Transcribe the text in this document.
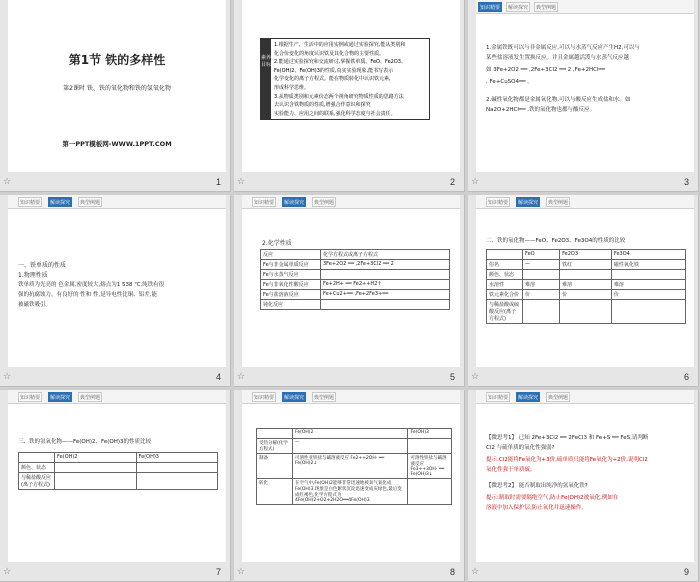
第1节 铁的多样性
第2课时 铁、铁的氧化物和铁的氢氧化物
第一PPT模板网-WWW.1PPT.COM
☆	1
素养目标
1.根据生产、生活中的应用实例或通过实验探究,能从类别和
化合价变化的角度认识铁及其化合物的主要性质。
2.能通过实验探究和交流研讨,掌握铁单质、FeO、Fe2O3、
Fe(OH)2、Fe(OH)3的性质,真实实验现象,能书写表示
化学变化的离子方程式。能在物质转化中认识铁元素,
形成科学思维。
3.从物质类别和元素价态两个视角研究物质性质的思路方法
去认识含铁物质的性质,增强合作意识和探究
实验能力、应用之间的联系,强化科学态度与社会责任。
☆	2
知识精要	解读探究	典型例题
1.金属铁既可以与非金属反应,可以与水蒸气反应产生H2,可以与
某些盐溶液发生置换反应。并且金属越活泼与水蒸气反应越
如 3Fe+2O2 ══ ,2Fe+3Cl2 ══ 2 ,Fe+2HCl══
, Fe+CuSO4══ 。
2.碱性氧化物都是金属氧化物,可以与酸反应生成盐和水。如
Na2O+2HCl══ ,铁的氧化物也都与酸反应。
☆	3
知识精要	解读探究	典型例题
一、铁单质的性质
1.物理性质
铁单质为光亮的 色金属,密度较大,熔点为1 538 ℃,纯铁有很
强的抗腐蚀力。有良好的 性和 性,是导电性比铜、铝差,能
被磁铁吸引。
☆	4
知识精要	解读探究	典型例题
2.化学性质
反应	化学方程式或离子方程式
Fe与非金属单质反应	3Fe+2O2 ══ ,2Fe+3Cl2 ══ 2
Fe与水蒸气反应	
Fe与非氧化性酸反应	Fe+2H+ ══ Fe2++H2↑
Fe与盐溶液反应	Fe+Cu2+══ ,Fe+2Fe3+══
钝化反应	
☆	5
知识精要	解读探究	典型例题
二、铁的氧化物——FeO、Fe2O3、Fe3O4的性质的比较
	FeO	Fe2O3	Fe3O4
俗名	—	铁红	磁性氧化铁
颜色、状态			
水溶性	难溶	难溶	难溶
铁元素化合价	价	价	价
与稀盐酸或硫酸反应(离子方程式)			
☆	6
知识精要	解读探究	典型例题
三、铁的氢氧化物——Fe(OH)2、Fe(OH)3的性质比较
	Fe(OH)2	Fe(OH)3
颜色、状态		
与稀盐酸反应(离子方程式)		
☆	7
知识精要	解读探究	典型例题
	Fe(OH)2	Fe(OH)3
受热分解(化学方程式)	—	
制备	可溶性亚铁盐与碱溶液反应 Fe2++2OH- ══ Fe(OH)2↓	可溶性铁盐与碱溶液反应 Fe3++3OH- ══ Fe(OH)3↓
转化	在空气中,Fe(OH)2能够非常迅速地被氧气氧化成 Fe(OH)3,现象是白色絮状沉淀迅速变成灰绿色,最后变成红褐色,化学方程式为 4Fe(OH)2+O2+2H2O══4Fe(OH)3	
☆	8
知识精要	解读探究	典型例题
【微思考1】 已知 2Fe+3Cl2 ══ 2FeCl3 和 Fe+S ══ FeS,请判断
Cl2 与硫单质的氧化性强弱?
提示:Cl2能将Fe氧化为+3价,硫单质只能将Fe氧化为+2价,说明Cl2
氧化性强于单质硫。
【微思考2】 能否制取出纯净的氢氧化铁?
提示:制取时需要隔绝空气,防止Fe(OH)2被氧化,例如在
溶液中加入保护层,防止氧化并迅速操作。
☆	9
